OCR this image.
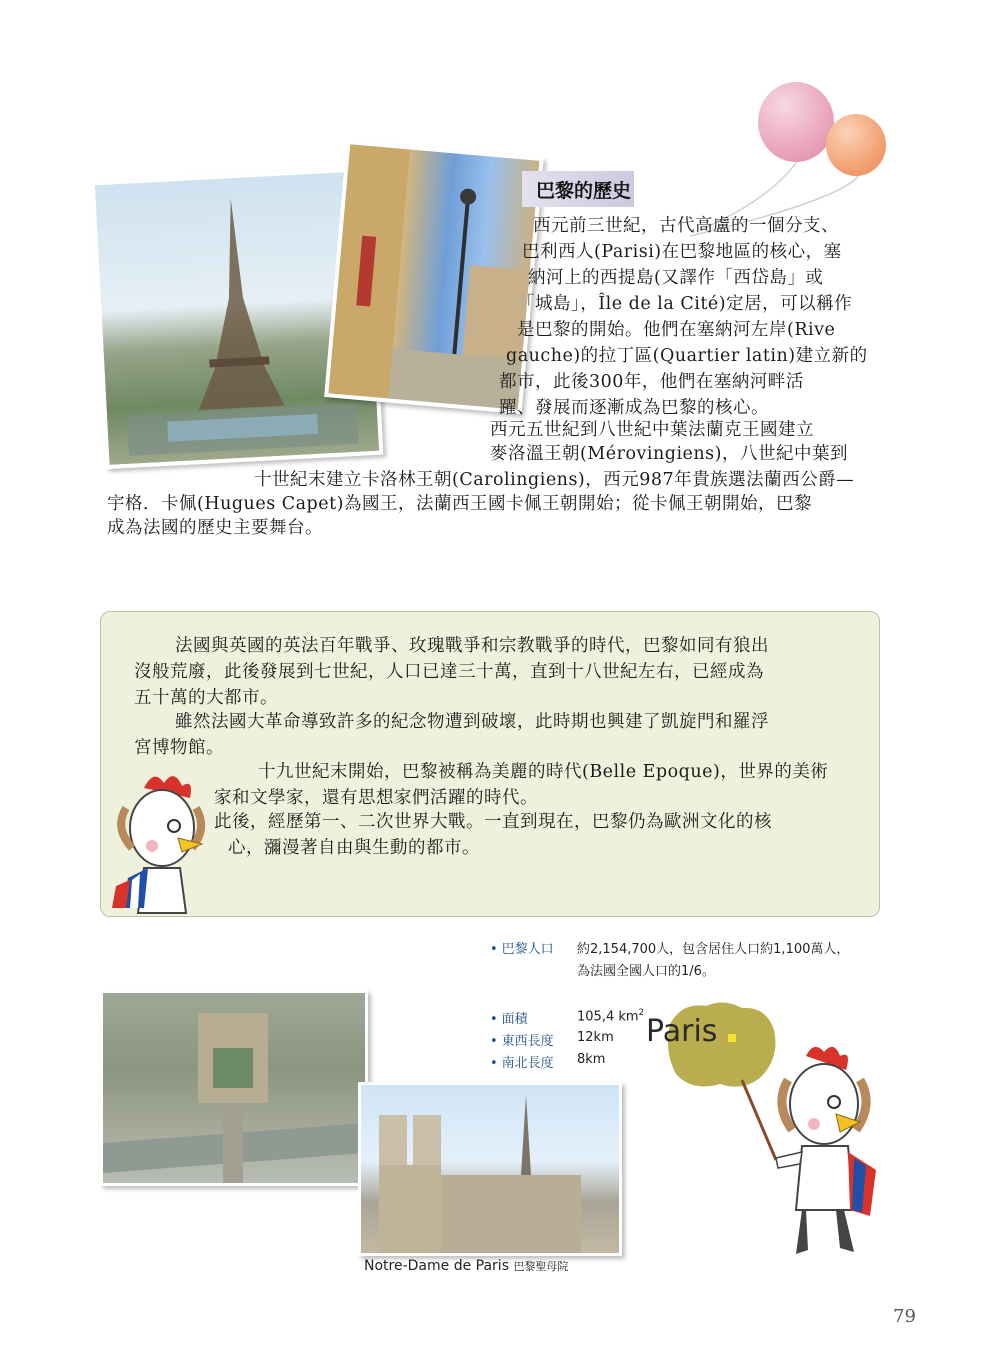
巴黎的歷史
西元前三世紀，古代高盧的一個分支、
巴利西人(Parisi)在巴黎地區的核心，塞
納河上的西提島(又譯作「西岱島」或
「城島」，Île de la Cité)定居，可以稱作
是巴黎的開始。他們在塞納河左岸(Rive
gauche)的拉丁區(Quartier latin)建立新的
都市，此後300年，他們在塞納河畔活
躍、發展而逐漸成為巴黎的核心。
西元五世紀到八世紀中葉法蘭克王國建立
麥洛溫王朝(Mérovingiens)，八世紀中葉到
十世紀末建立卡洛林王朝(Carolingiens)，西元987年貴族選法蘭西公爵—
宇格．卡佩(Hugues Capet)為國王，法蘭西王國卡佩王朝開始；從卡佩王朝開始，巴黎
成為法國的歷史主要舞台。
法國與英國的英法百年戰爭、玫瑰戰爭和宗教戰爭的時代，巴黎如同有狼出
沒般荒廢，此後發展到七世紀，人口已達三十萬，直到十八世紀左右，已經成為
五十萬的大都市。
雖然法國大革命導致許多的紀念物遭到破壞，此時期也興建了凱旋門和羅浮
宮博物館。
十九世紀末開始，巴黎被稱為美麗的時代(Belle Epoque)，世界的美術
家和文學家，還有思想家們活躍的時代。
此後，經歷第一、二次世界大戰。一直到現在，巴黎仍為歐洲文化的核
心，瀰漫著自由與生動的都市。
• 巴黎人口 約2,154,700人，包含居住人口約1,100萬人，
為法國全國人口的1/6。
• 面積	105,4 $km^2$
• 東西長度 12km
• 南北長度 8km
Paris
Notre-Dame de Paris 巴黎聖母院
79
